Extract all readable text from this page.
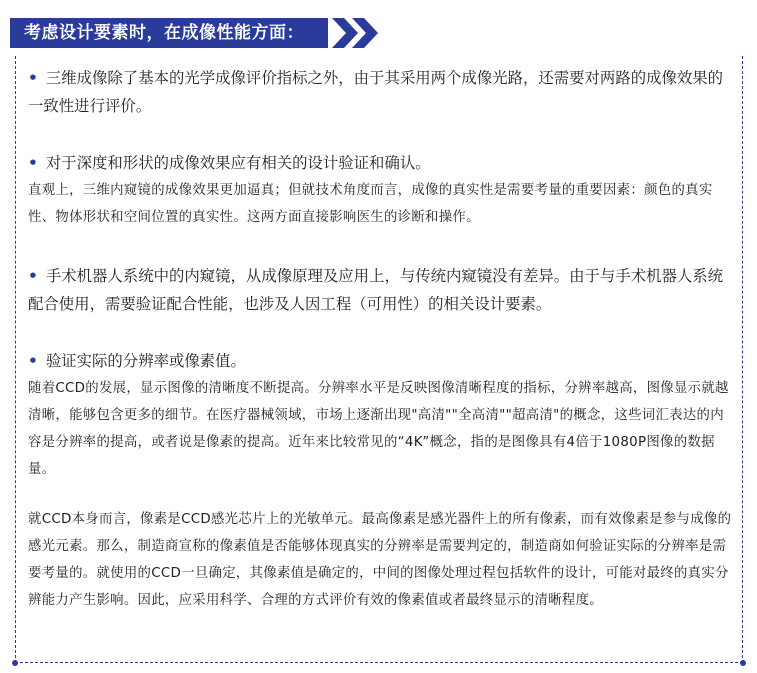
考虑设计要素时，在成像性能方面：

• 三维成像除了基本的光学成像评价指标之外，由于其采用两个成像光路，还需要对两路的成像效果的一致性进行评价。

• 对于深度和形状的成像效果应有相关的设计验证和确认。

直观上，三维内窥镜的成像效果更加逼真；但就技术角度而言，成像的真实性是需要考量的重要因素：颜色的真实性、物体形状和空间位置的真实性。这两方面直接影响医生的诊断和操作。

• 手术机器人系统中的内窥镜，从成像原理及应用上，与传统内窥镜没有差异。由于与手术机器人系统配合使用，需要验证配合性能，也涉及人因工程（可用性）的相关设计要素。

• 验证实际的分辨率或像素值。

随着CCD的发展，显示图像的清晰度不断提高。分辨率水平是反映图像清晰程度的指标，分辨率越高，图像显示就越清晰，能够包含更多的细节。在医疗器械领域，市场上逐渐出现"高清""全高清""超高清"的概念，这些词汇表达的内容是分辨率的提高，或者说是像素的提高。近年来比较常见的“4K”概念，指的是图像具有4倍于1080P图像的数据量。

就CCD本身而言，像素是CCD感光芯片上的光敏单元。最高像素是感光器件上的所有像素，而有效像素是参与成像的感光元素。那么，制造商宣称的像素值是否能够体现真实的分辨率是需要判定的，制造商如何验证实际的分辨率是需要考量的。就使用的CCD一旦确定，其像素值是确定的，中间的图像处理过程包括软件的设计，可能对最终的真实分辨能力产生影响。因此，应采用科学、合理的方式评价有效的像素值或者最终显示的清晰程度。
